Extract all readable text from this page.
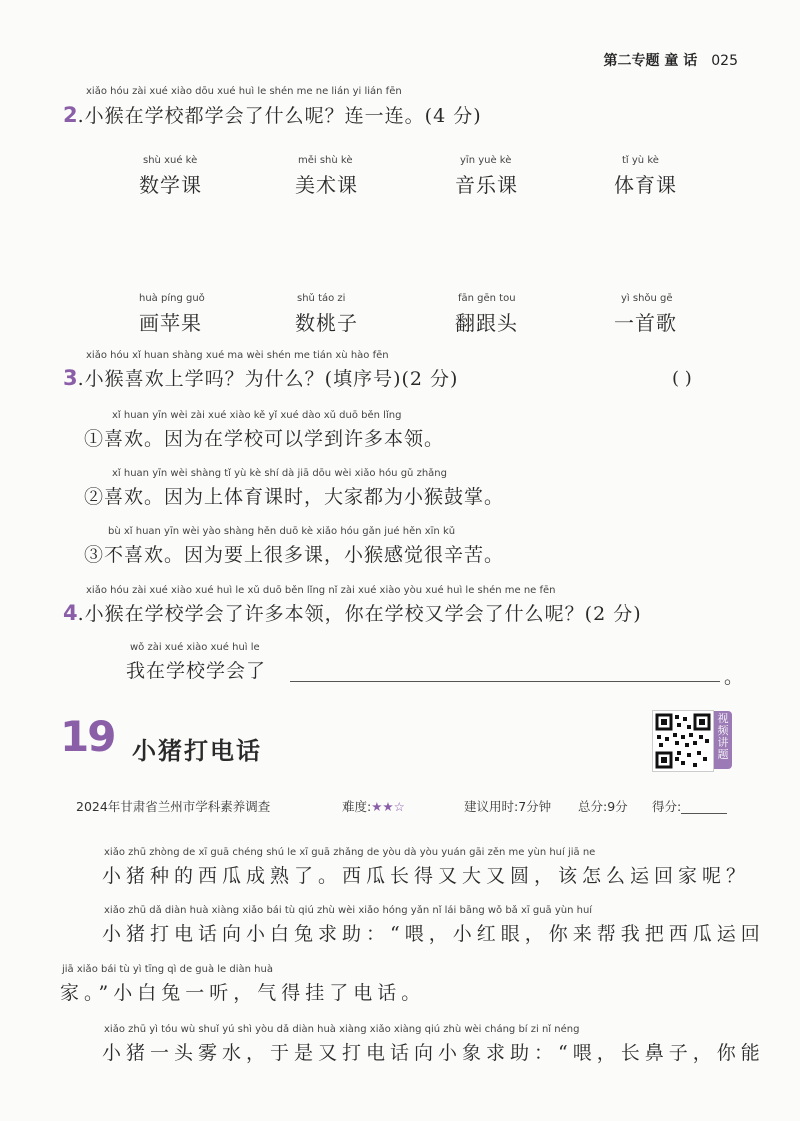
第二专题 童 话 025
xiǎo hóu zài xué xiào dōu xué huì le shén me ne lián yi lián fēn
2.小猴在学校都学会了什么呢？连一连。(4 分)
shù xué kè
数学课
měi shù kè
美术课
yīn yuè kè
音乐课
tǐ yù kè
体育课
huà píng guǒ
画苹果
shǔ táo zi
数桃子
fān gēn tou
翻跟头
yì shǒu gē
一首歌
xiǎo hóu xǐ huan shàng xué ma wèi shén me tián xù hào fēn
3.小猴喜欢上学吗？为什么？(填序号)(2 分)	( )
xǐ huan yīn wèi zài xué xiào kě yǐ xué dào xǔ duō běn lǐng
①喜欢。因为在学校可以学到许多本领。
xǐ huan yīn wèi shàng tǐ yù kè shí dà jiā dōu wèi xiǎo hóu gǔ zhǎng
②喜欢。因为上体育课时，大家都为小猴鼓掌。
bù xǐ huan yīn wèi yào shàng hěn duō kè xiǎo hóu gǎn jué hěn xīn kǔ
③不喜欢。因为要上很多课，小猴感觉很辛苦。
xiǎo hóu zài xué xiào xué huì le xǔ duō běn lǐng nǐ zài xué xiào yòu xué huì le shén me ne fēn
4.小猴在学校学会了许多本领，你在学校又学会了什么呢？(2 分)
wǒ zài xué xiào xué huì le
我在学校学会了	。
19 小猪打电话
视频讲题
2024年甘肃省兰州市学科素养调查	难度:★★☆	建议用时:7分钟 总分:9分 得分:
xiǎo zhū zhòng de xī guā chéng shú le xī guā zhǎng de yòu dà yòu yuán gāi zěn me yùn huí jiā ne
小猪种的西瓜成熟了。西瓜长得又大又圆，该怎么运回家呢？
xiǎo zhū dǎ diàn huà xiàng xiǎo bái tù qiú zhù wèi xiǎo hóng yǎn nǐ lái bāng wǒ bǎ xī guā yùn huí
小猪打电话向小白兔求助：“喂，小红眼，你来帮我把西瓜运回
jiā xiǎo bái tù yì tīng qì de guà le diàn huà
家。”小白兔一听，气得挂了电话。
xiǎo zhū yì tóu wù shuǐ yú shì yòu dǎ diàn huà xiàng xiǎo xiàng qiú zhù wèi cháng bí zi nǐ néng
小猪一头雾水，于是又打电话向小象求助：“喂，长鼻子，你能
